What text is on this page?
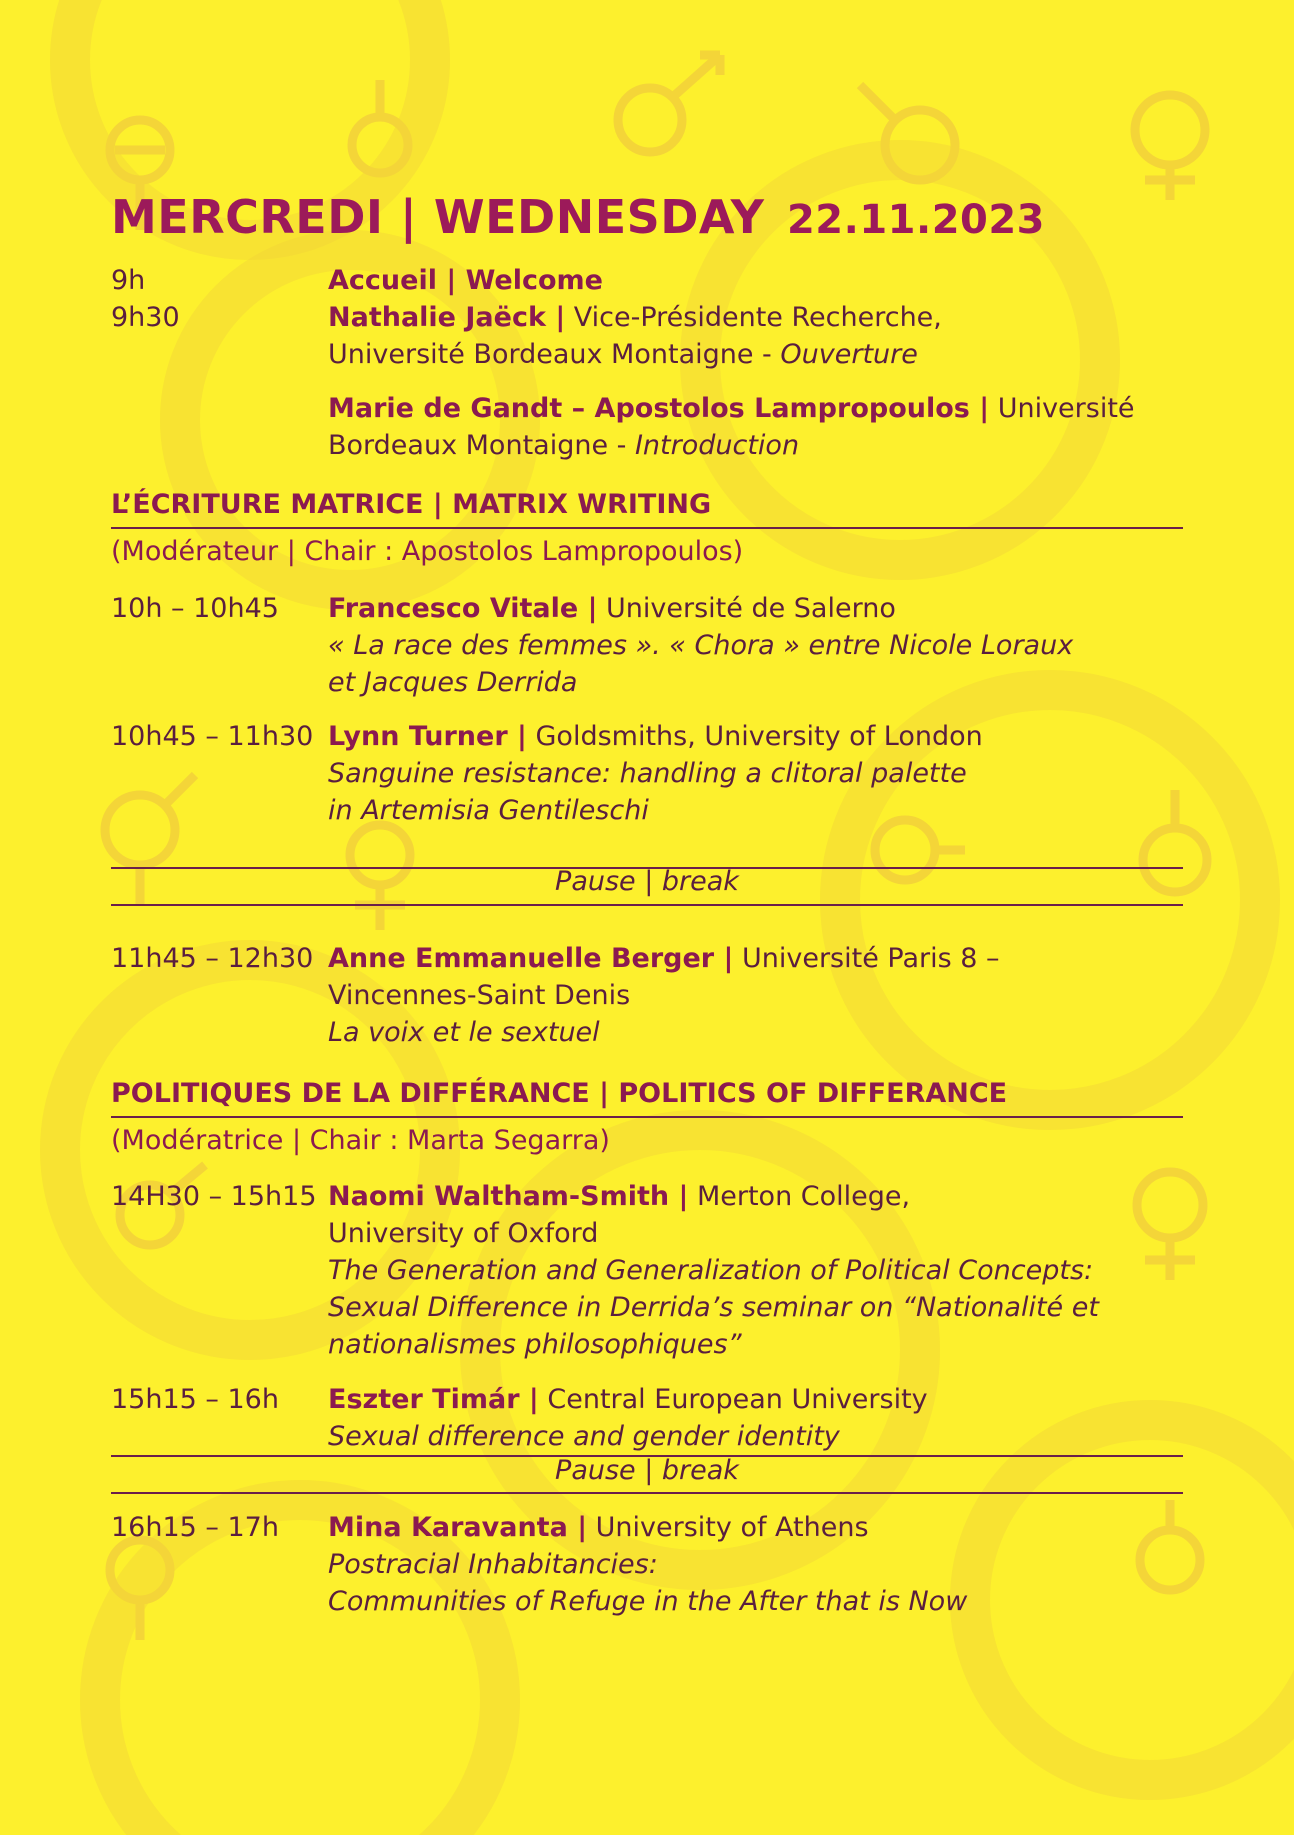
MERCREDI | WEDNESDAY 22.11.2023
9h	Accueil | Welcome
9h30	Nathalie Jaëck | Vice-Présidente Recherche,
Université Bordeaux Montaigne - Ouverture
Marie de Gandt – Apostolos Lampropoulos | Université
Bordeaux Montaigne - Introduction
L’ÉCRITURE MATRICE | MATRIX WRITING
(Modérateur | Chair : Apostolos Lampropoulos)
10h – 10h45 Francesco Vitale | Université de Salerno
« La race des femmes ». « Chora » entre Nicole Loraux
et Jacques Derrida
10h45 – 11h30 Lynn Turner | Goldsmiths, University of London
Sanguine resistance: handling a clitoral palette
in Artemisia Gentileschi
Pause | break
11h45 – 12h30 Anne Emmanuelle Berger | Université Paris 8 –
Vincennes-Saint Denis
La voix et le sextuel
POLITIQUES DE LA DIFFÉRANCE | POLITICS OF DIFFERANCE
(Modératrice | Chair : Marta Segarra)
14H30 – 15h15 Naomi Waltham-Smith | Merton College,
University of Oxford
The Generation and Generalization of Political Concepts:
Sexual Difference in Derrida’s seminar on “Nationalité et
nationalismes philosophiques”
15h15 – 16h Eszter Timár | Central European University
Sexual difference and gender identity
Pause | break
16h15 – 17h Mina Karavanta | University of Athens
Postracial Inhabitancies:
Communities of Refuge in the After that is Now
